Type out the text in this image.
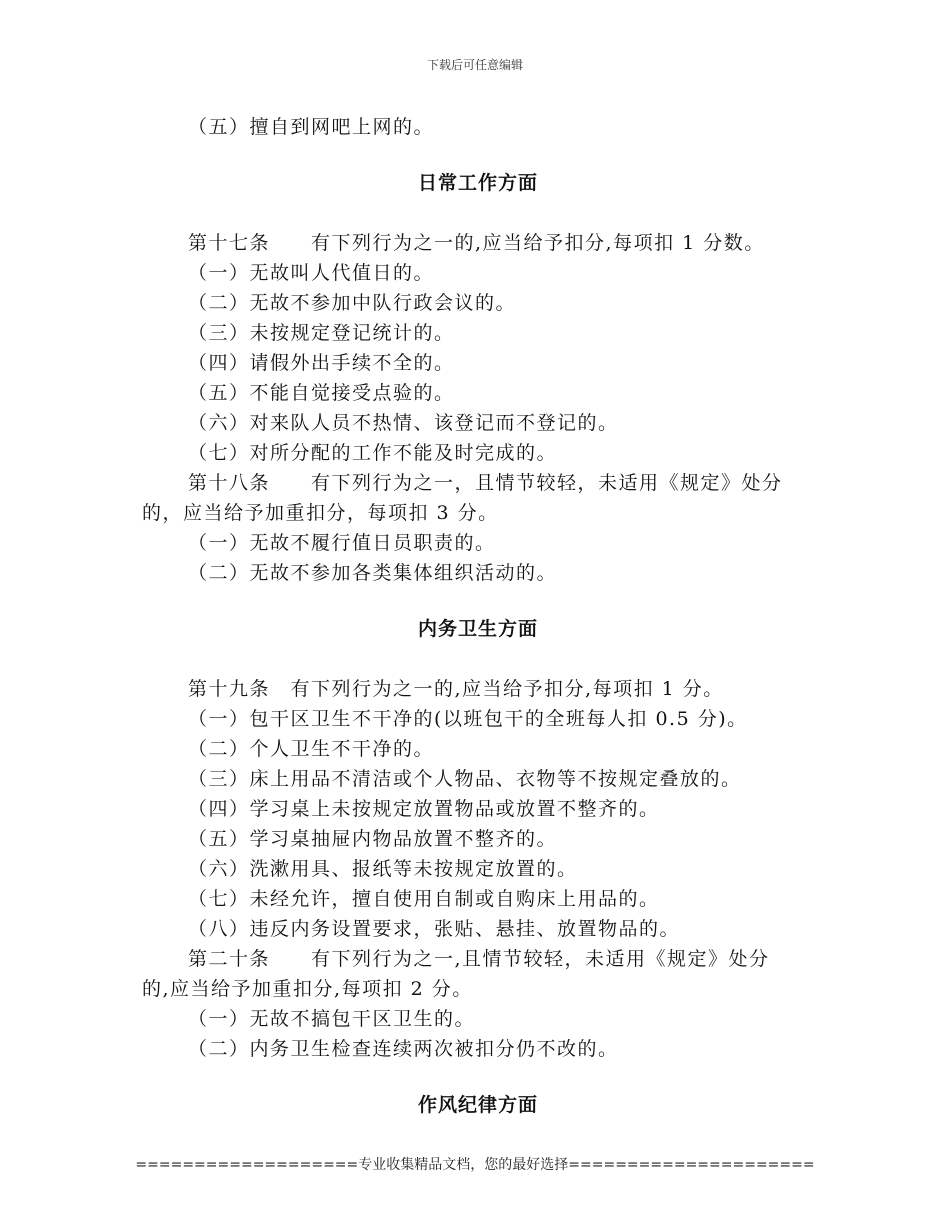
下载后可任意编辑
（五）擅自到网吧上网的。
日常工作方面
第十七条　　有下列行为之一的,应当给予扣分,每项扣 1 分数。
（一）无故叫人代值日的。
（二）无故不参加中队行政会议的。
（三）未按规定登记统计的。
（四）请假外出手续不全的。
（五）不能自觉接受点验的。
（六）对来队人员不热情、该登记而不登记的。
（七）对所分配的工作不能及时完成的。
第十八条　　有下列行为之一，且情节较轻，未适用《规定》处分
的，应当给予加重扣分，每项扣 3 分。
（一）无故不履行值日员职责的。
（二）无故不参加各类集体组织活动的。
内务卫生方面
第十九条　有下列行为之一的,应当给予扣分,每项扣 1 分。
（一）包干区卫生不干净的(以班包干的全班每人扣 0.5 分)。
（二）个人卫生不干净的。
（三）床上用品不清洁或个人物品、衣物等不按规定叠放的。
（四）学习桌上未按规定放置物品或放置不整齐的。
（五）学习桌抽屉内物品放置不整齐的。
（六）洗漱用具、报纸等未按规定放置的。
（七）未经允许，擅自使用自制或自购床上用品的。
（八）违反内务设置要求，张贴、悬挂、放置物品的。
第二十条　　有下列行为之一,且情节较轻，未适用《规定》处分
的,应当给予加重扣分,每项扣 2 分。
（一）无故不搞包干区卫生的。
（二）内务卫生检查连续两次被扣分仍不改的。
作风纪律方面
===================专业收集精品文档，您的最好选择=====================
